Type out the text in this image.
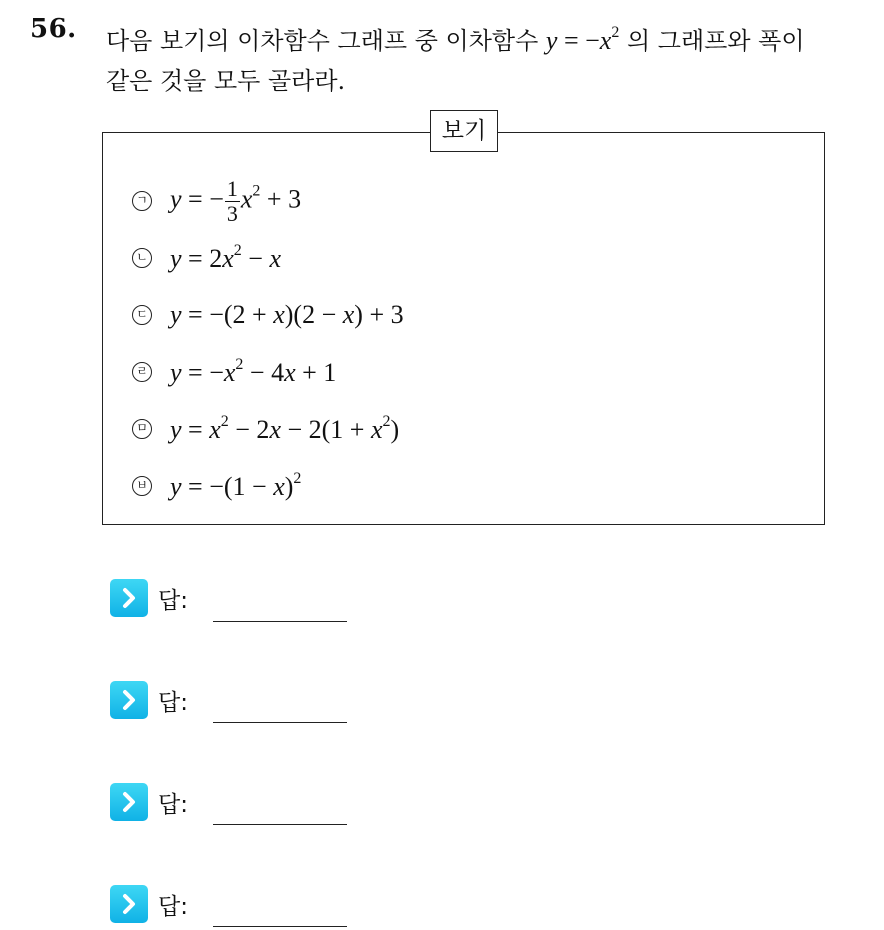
56. 다음 보기의 이차함수 그래프 중 이차함수 $y = -x^2$ 의 그래프와 폭이
같은 것을 모두 골라라.
보기
ㄱ y = − $\frac{1}{3} x^2 + 3$
ㄴ $y = 2x^2 - x$
ㄷ y = −(2 + x)(2 − x) + 3
ㄹ $y = -x^2 - 4x + 1$
ㅁ $y = x^2 - 2x - 2(1 + x^2)$
ㅂ $y = -(1 - x)^2$
답:
답:
답:
답:
